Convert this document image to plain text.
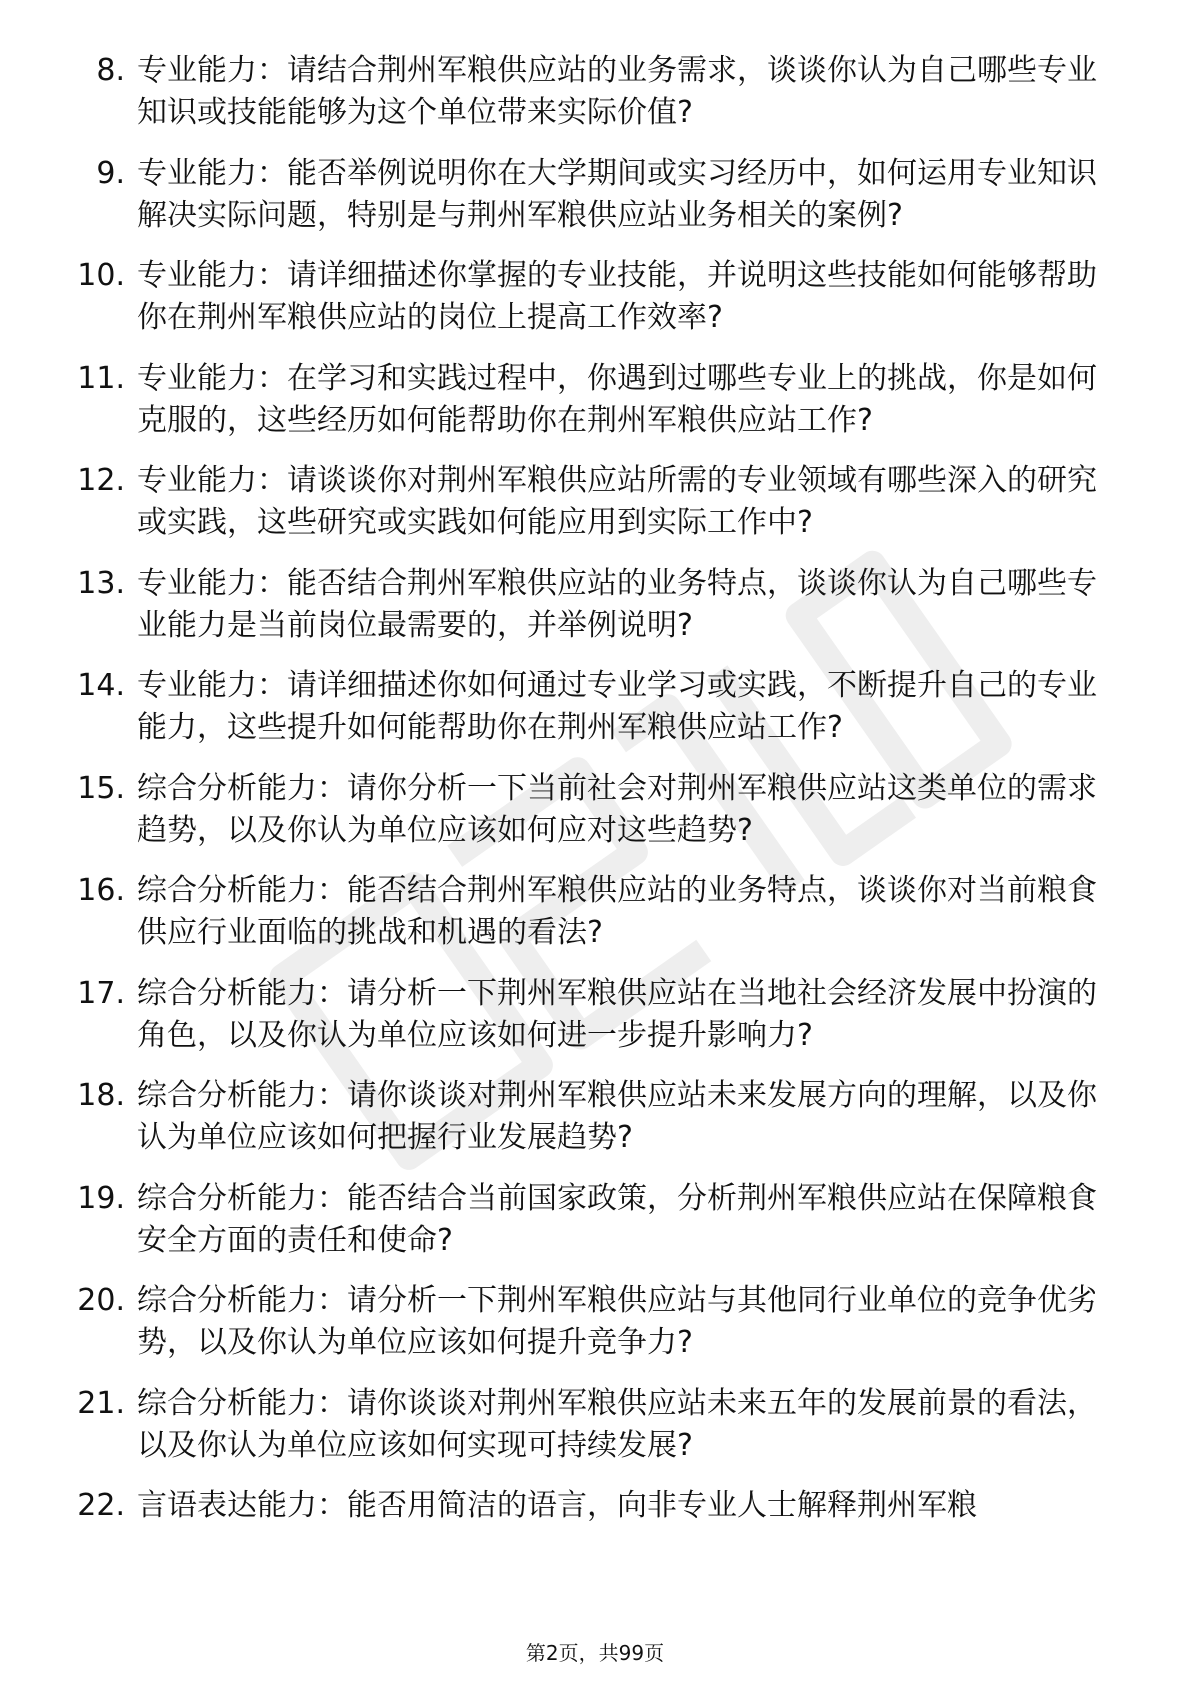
8. 专业能力：请结合荆州军粮供应站的业务需求，谈谈你认为自己哪些专业知识或技能能够为这个单位带来实际价值?
9. 专业能力：能否举例说明你在大学期间或实习经历中，如何运用专业知识解决实际问题，特别是与荆州军粮供应站业务相关的案例?
10. 专业能力：请详细描述你掌握的专业技能，并说明这些技能如何能够帮助你在荆州军粮供应站的岗位上提高工作效率?
11. 专业能力：在学习和实践过程中，你遇到过哪些专业上的挑战，你是如何克服的，这些经历如何能帮助你在荆州军粮供应站工作?
12. 专业能力：请谈谈你对荆州军粮供应站所需的专业领域有哪些深入的研究或实践，这些研究或实践如何能应用到实际工作中?
13. 专业能力：能否结合荆州军粮供应站的业务特点，谈谈你认为自己哪些专业能力是当前岗位最需要的，并举例说明?
14. 专业能力：请详细描述你如何通过专业学习或实践，不断提升自己的专业能力，这些提升如何能帮助你在荆州军粮供应站工作?
15. 综合分析能力：请你分析一下当前社会对荆州军粮供应站这类单位的需求趋势，以及你认为单位应该如何应对这些趋势?
16. 综合分析能力：能否结合荆州军粮供应站的业务特点，谈谈你对当前粮食供应行业面临的挑战和机遇的看法?
17. 综合分析能力：请分析一下荆州军粮供应站在当地社会经济发展中扮演的角色，以及你认为单位应该如何进一步提升影响力?
18. 综合分析能力：请你谈谈对荆州军粮供应站未来发展方向的理解，以及你认为单位应该如何把握行业发展趋势?
19. 综合分析能力：能否结合当前国家政策，分析荆州军粮供应站在保障粮食安全方面的责任和使命?
20. 综合分析能力：请分析一下荆州军粮供应站与其他同行业单位的竞争优劣势，以及你认为单位应该如何提升竞争力?
21. 综合分析能力：请你谈谈对荆州军粮供应站未来五年的发展前景的看法，以及你认为单位应该如何实现可持续发展?
22. 言语表达能力：能否用简洁的语言，向非专业人士解释荆州军粮
第2页，共99页
